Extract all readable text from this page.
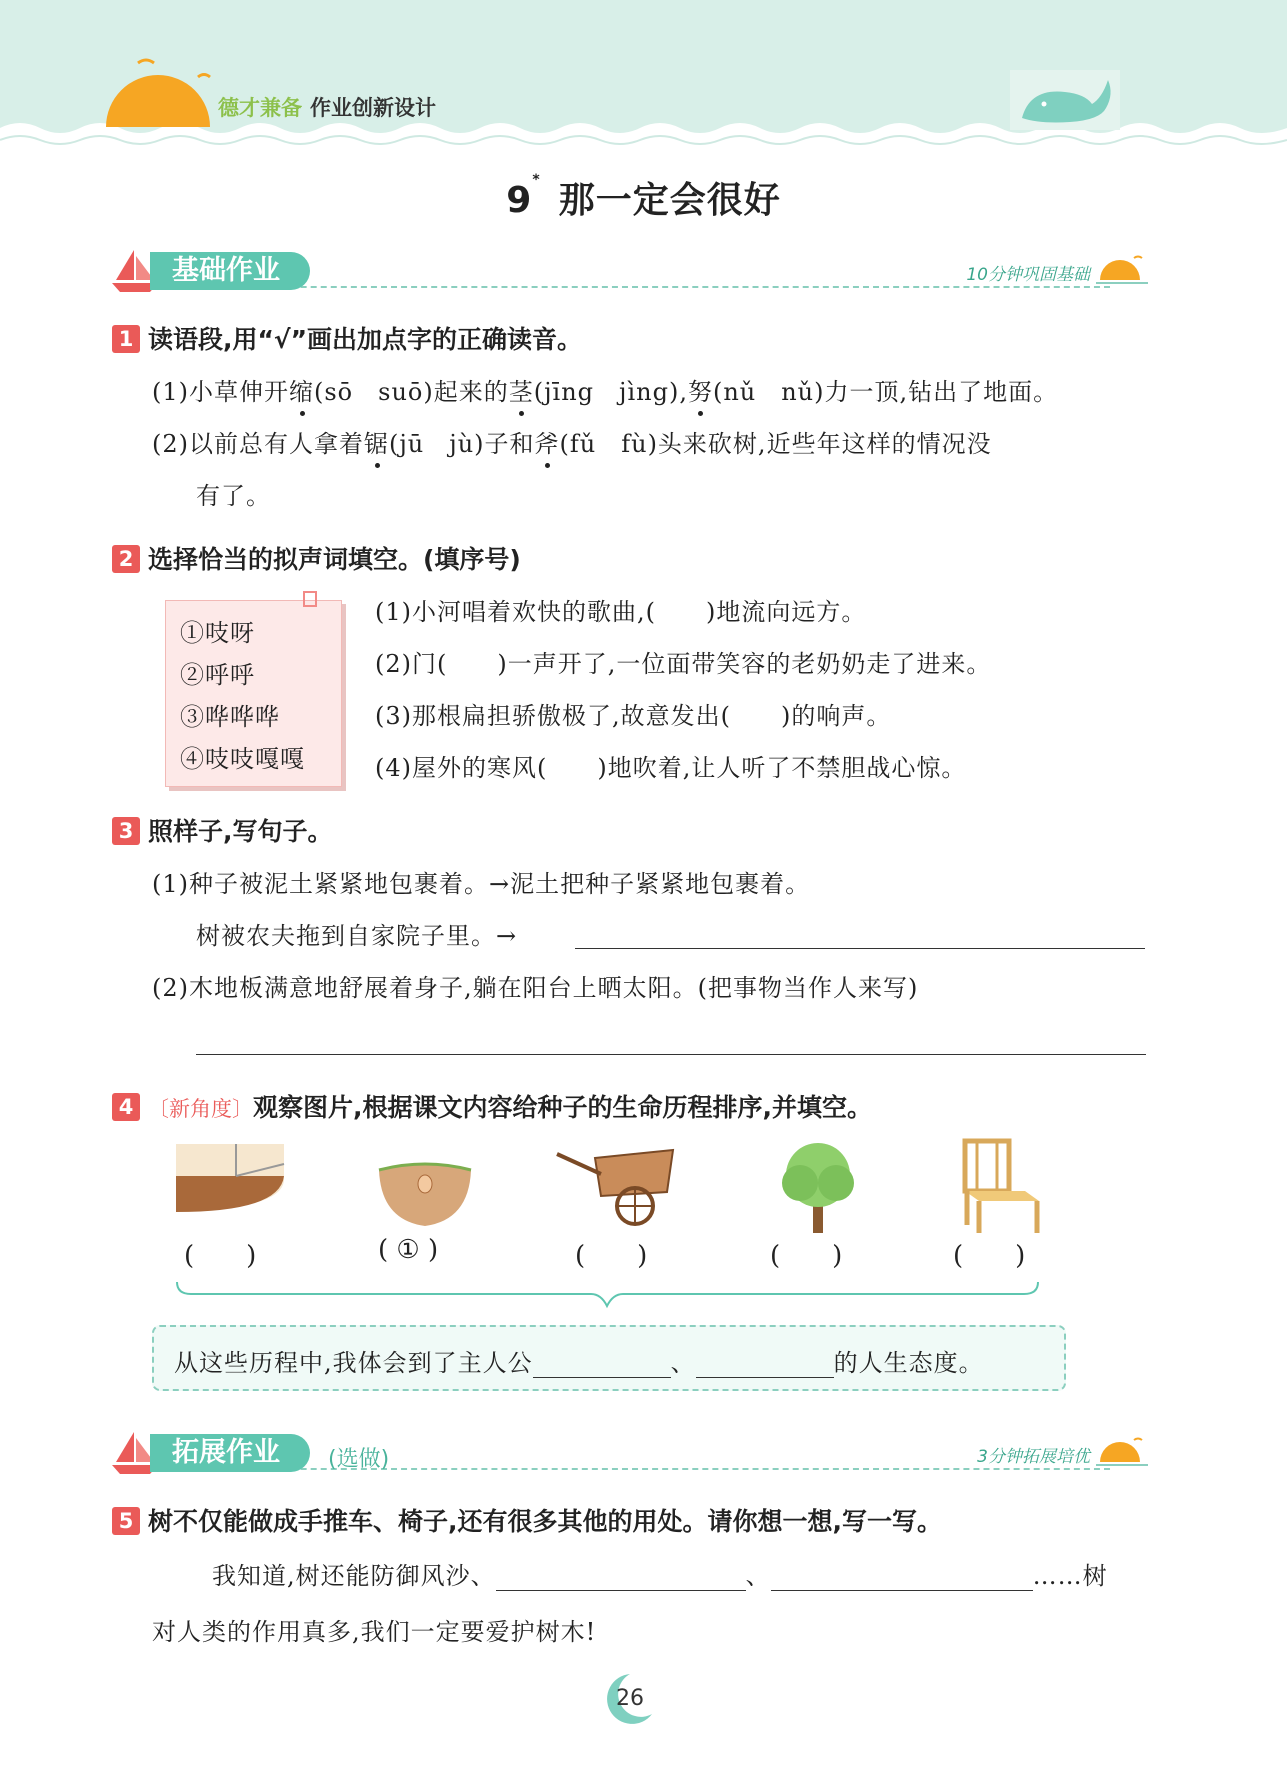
德才兼备 作业创新设计
9* 那一定会很好
基础作业	10分钟巩固基础
1 读语段,用“√”画出加点字的正确读音。
(1)小草伸开缩(sō　suō)起来的茎(jīng　jìng),努(nǔ　nǔ)力一顶,钻出了地面。
(2)以前总有人拿着锯(jū　jù)子和斧(fǔ　fù)头来砍树,近些年这样的情况没
有了。
2 选择恰当的拟声词填空。(填序号)
①吱呀
②呼呼
③哗哗哗
④吱吱嘎嘎
(1)小河唱着欢快的歌曲,(　　)地流向远方。
(2)门(　　)一声开了,一位面带笑容的老奶奶走了进来。
(3)那根扁担骄傲极了,故意发出(　　)的响声。
(4)屋外的寒风(　　)地吹着,让人听了不禁胆战心惊。
3 照样子,写句子。
(1)种子被泥土紧紧地包裹着。→泥土把种子紧紧地包裹着。
树被农夫拖到自家院子里。→
(2)木地板满意地舒展着身子,躺在阳台上晒太阳。(把事物当作人来写)
4 〔新角度〕观察图片,根据课文内容给种子的生命历程排序,并填空。
(　　)	( ① )	(　　)	(　　)	(　　)
从这些历程中,我体会到了主人公	、	的人生态度。
拓展作业	(选做)	3分钟拓展培优
5 树不仅能做成手推车、椅子,还有很多其他的用处。请你想一想,写一写。
我知道,树还能防御风沙、	、	……树
对人类的作用真多,我们一定要爱护树木!
26
